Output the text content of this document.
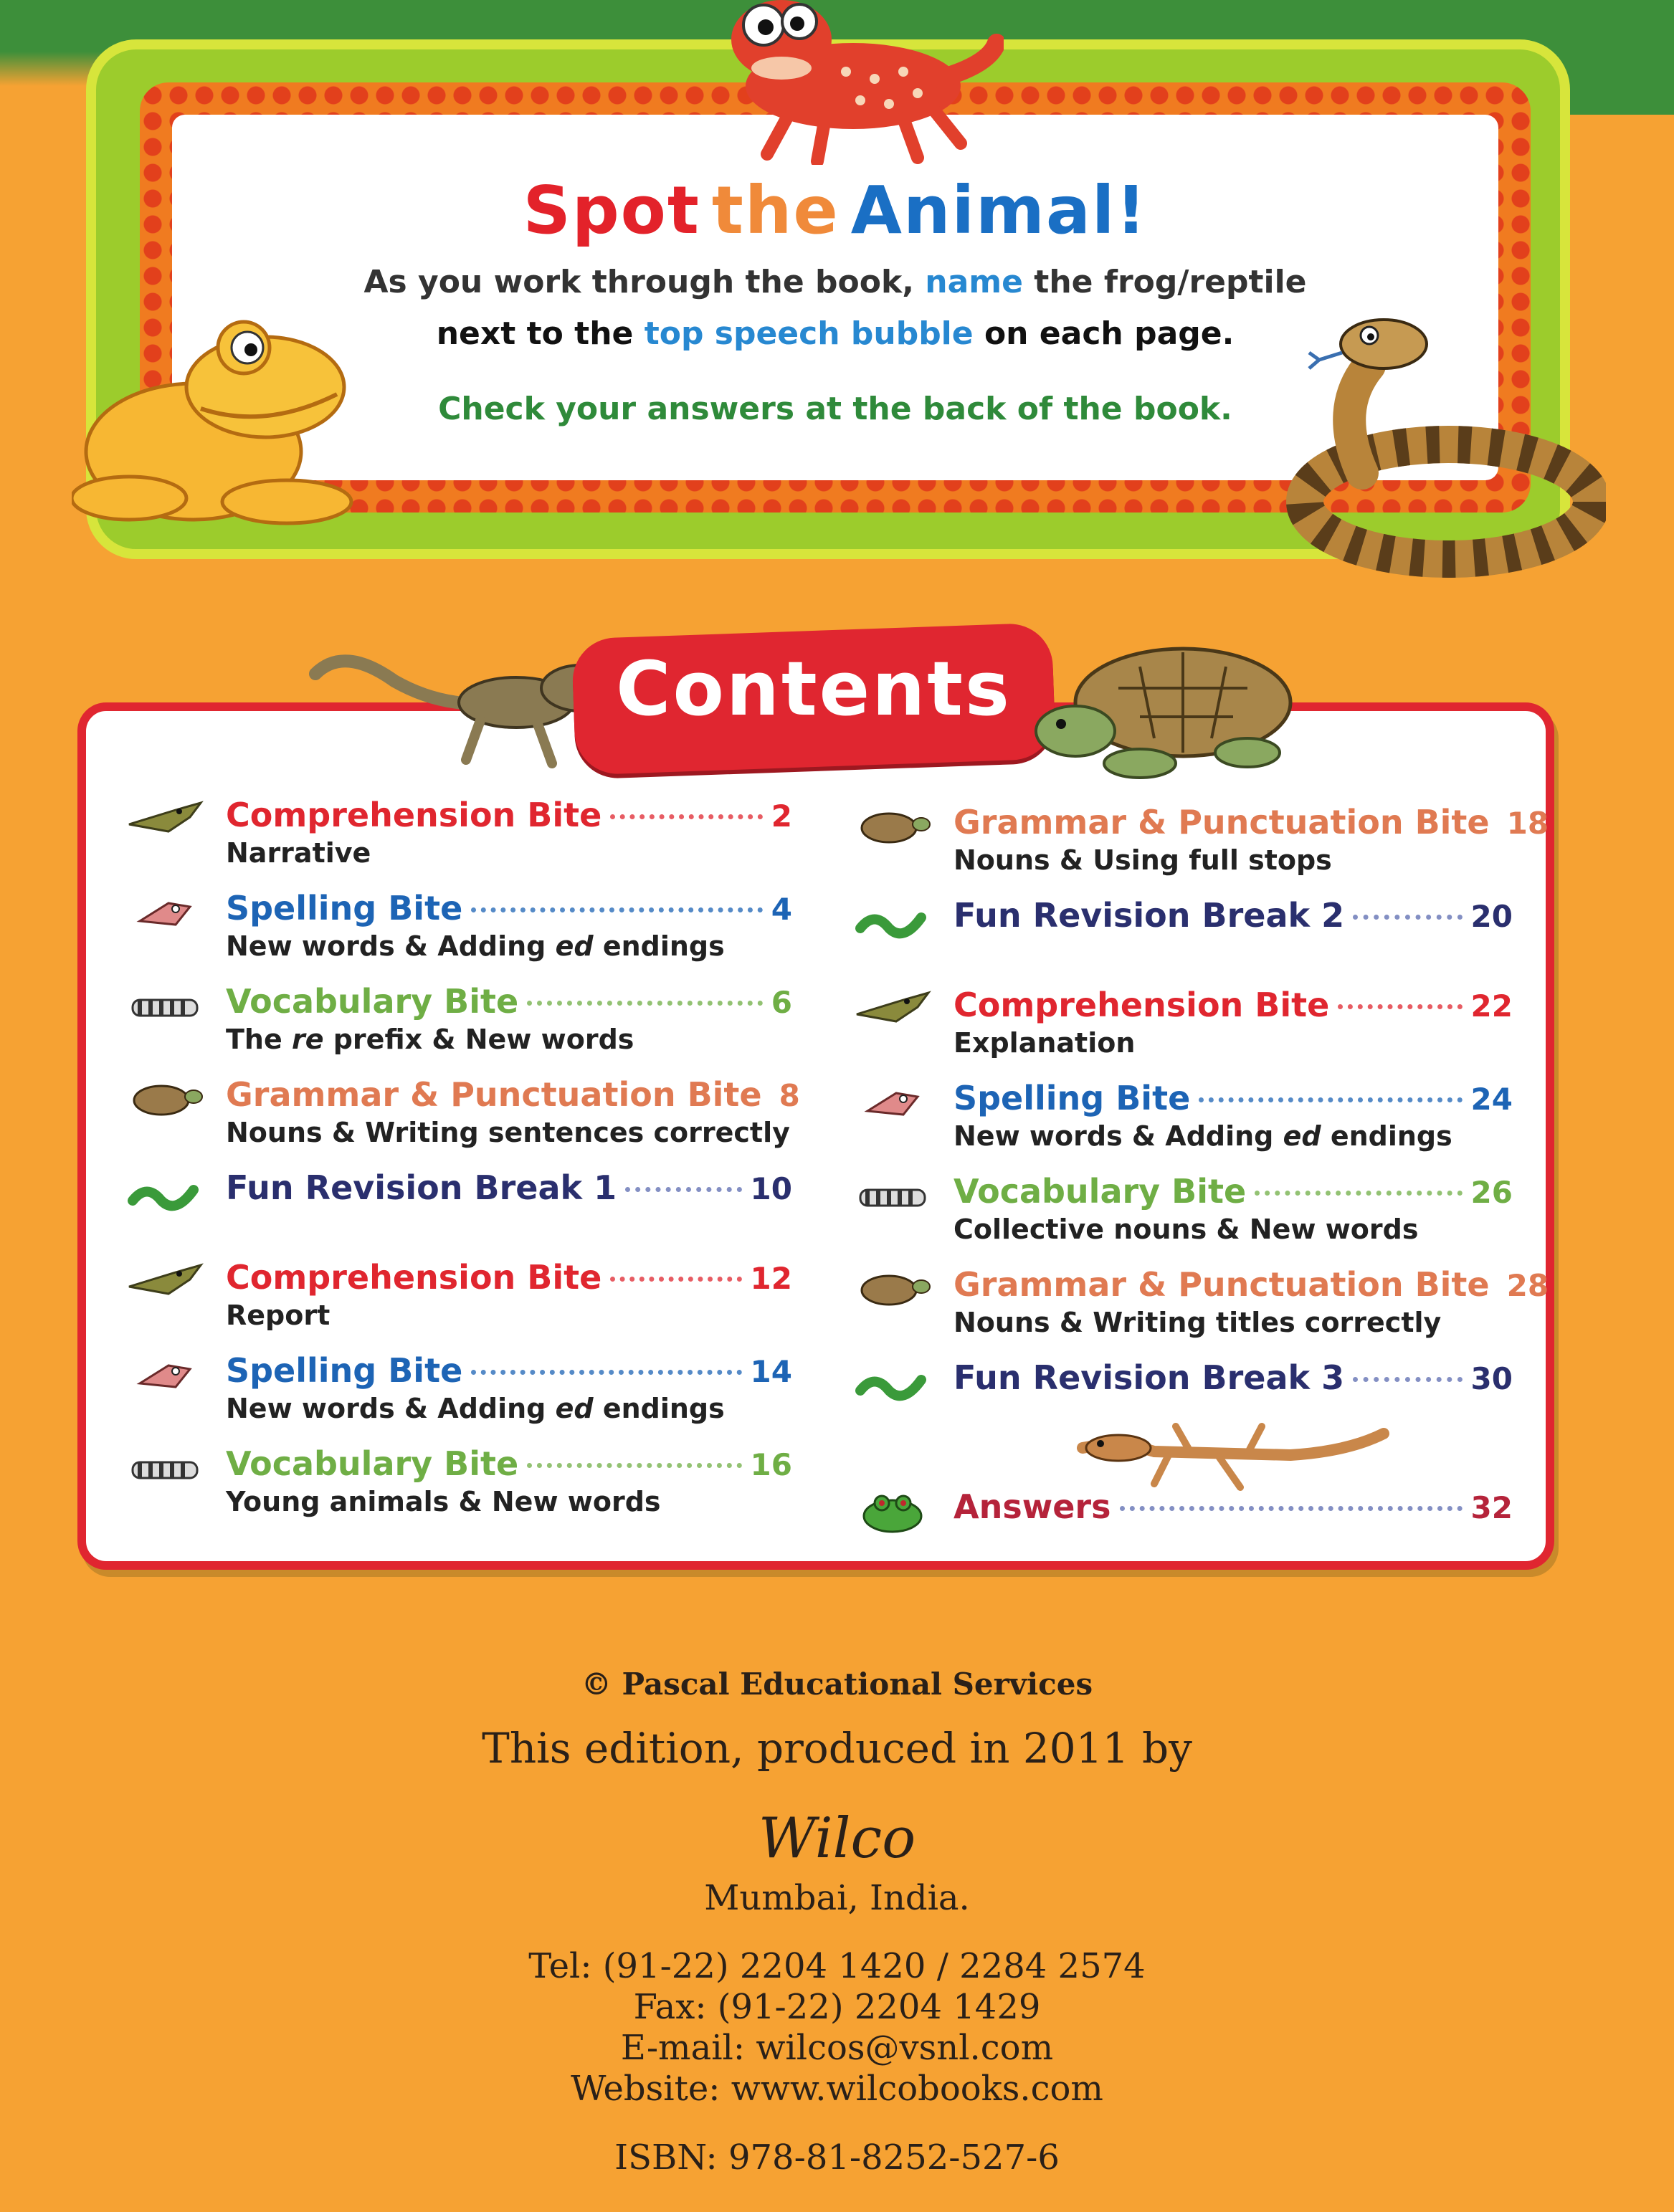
Spot the Animal!
As you work through the book, name the frog/reptile
next to the top speech bubble on each page.
Check your answers at the back of the book.
Contents
Comprehension Bite	2
Narrative
Spelling Bite	4
New words & Adding ed endings
Vocabulary Bite	6
The re prefix & New words
Grammar & Punctuation Bite 8
Nouns & Writing sentences correctly
Fun Revision Break 1	10
Comprehension Bite	12
Report
Spelling Bite	14
New words & Adding ed endings
Vocabulary Bite	16
Young animals & New words
Grammar & Punctuation Bite 18
Nouns & Using full stops
Fun Revision Break 2	20
Comprehension Bite	22
Explanation
Spelling Bite	24
New words & Adding ed endings
Vocabulary Bite	26
Collective nouns & New words
Grammar & Punctuation Bite 28
Nouns & Writing titles correctly
Fun Revision Break 3	30
Answers	32
© Pascal Educational Services
This edition, produced in 2011 by
Wilco
Mumbai, India.
Tel: (91-22) 2204 1420 / 2284 2574
Fax: (91-22) 2204 1429
E-mail: wilcos@vsnl.com
Website: www.wilcobooks.com
ISBN: 978-81-8252-527-6
